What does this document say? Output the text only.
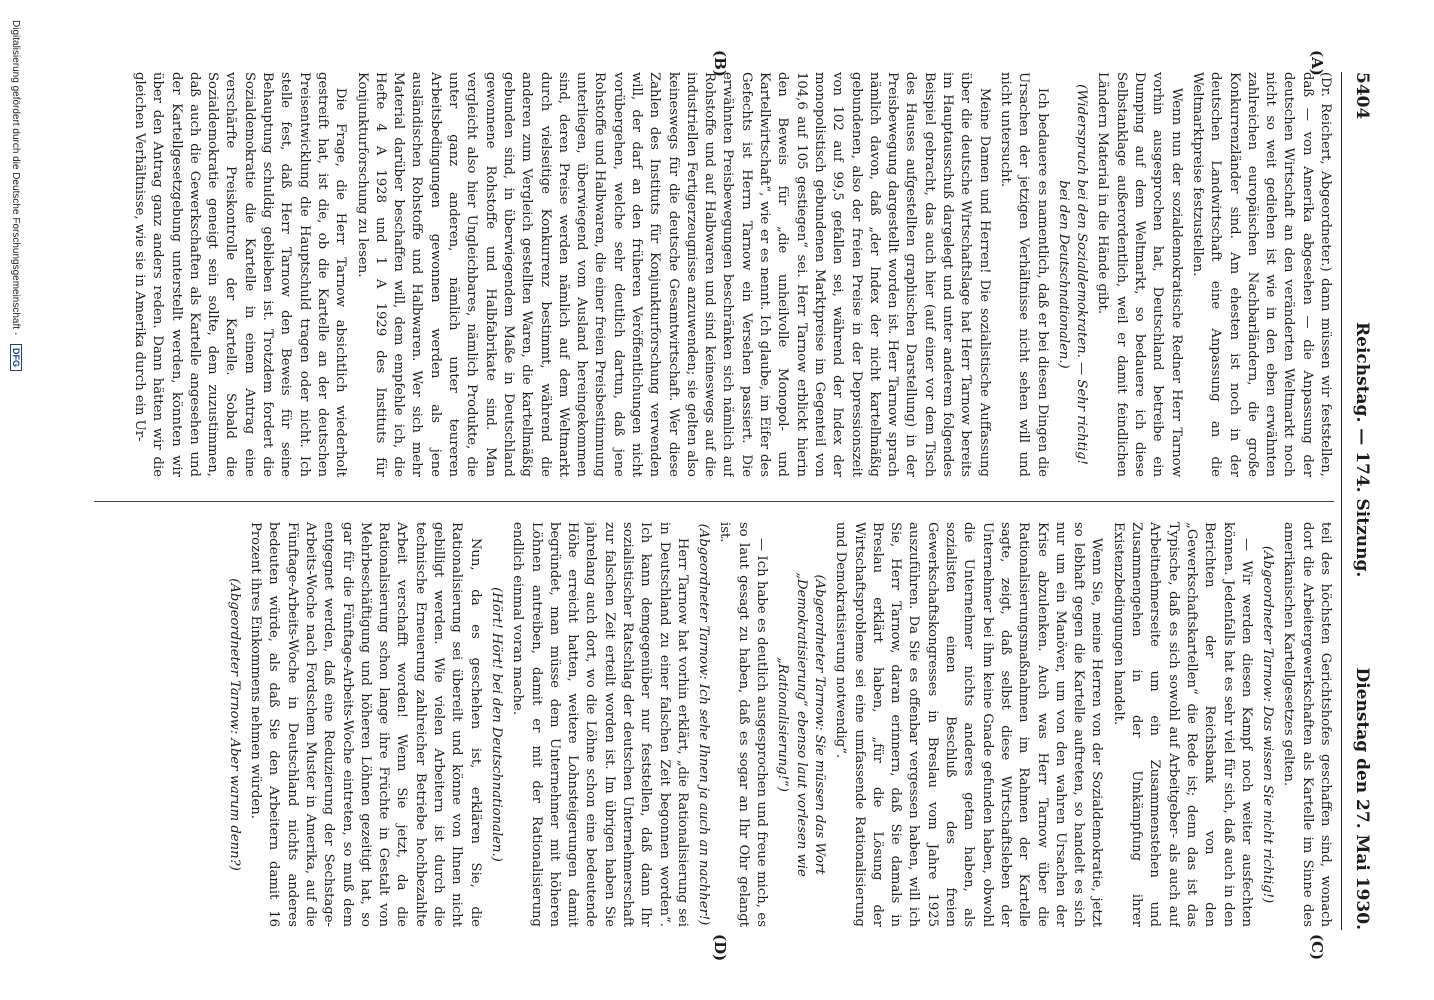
5404
Reichstag. — 174. Sitzung.
Dienstag den 27. Mai 1930.
(A)
(B)
(C)
(D)

(Dr. Reichert, Abgeordneter.) dann müssen wir feststellen, daß — von Amerika abgesehen — die Anpassung der deutschen Wirtschaft an den veränderten Weltmarkt noch nicht so weit gediehen ist wie in den eben erwähnten zahlreichen europäischen Nachbarländern, die große Konkurrenzländer sind. Am ehesten ist noch in der deutschen Landwirtschaft eine Anpassung an die Weltmarktpreise festzustellen.

Wenn nun der sozialdemokratische Redner Herr Tarnow vorhin ausgesprochen hat, Deutschland betreibe ein Dumping auf dem Weltmarkt, so bedauere ich diese Selbstanklage außerordentlich, weil er damit feindlichen Ländern Material in die Hände gibt.

(Widerspruch bei den Sozialdemokraten. — Sehr richtig! bei den Deutschnationalen.)

Ich bedauere es namentlich, daß er bei diesen Dingen die Ursachen der jetzigen Verhältnisse nicht sehen will und nicht untersucht.

Meine Damen und Herren! Die sozialistische Auffassung über die deutsche Wirtschaftslage hat Herr Tarnow bereits im Hauptausschuß dargelegt und unter anderem folgendes Beispiel gebracht, das auch hier (auf einer vor dem Tisch des Hauses aufgestellten graphischen Darstellung) in der Preisbewegung dargestellt worden ist. Herr Tarnow sprach nämlich davon, daß „der Index der nicht kartellmäßig gebundenen, also der freien Preise in der Depressionszeit von 102 auf 99,5 gefallen sei, während der Index der monopolistisch gebundenen Marktpreise im Gegenteil von 104,6 auf 105 gestiegen“ sei. Herr Tarnow erblickt hierin den Beweis für „die unheilvolle Monopol- und Kartellwirtschaft“, wie er es nennt. Ich glaube, im Eifer des Gefechts ist Herrn Tarnow ein Versehen passiert. Die erwähnten Preisbewegungen beschränken sich nämlich auf Rohstoffe und auf Halbwaren und sind keineswegs auf die industriellen Fertigerzeugnisse anzuwenden; sie gelten also keineswegs für die deutsche Gesamtwirtschaft. Wer diese Zahlen des Instituts für Konjunkturforschung verwenden will, der darf an den früheren Veröffentlichungen nicht vorübergehen, welche sehr deutlich dartun, daß jene Rohstoffe und Halbwaren, die einer freien Preisbestimmung unterliegen, überwiegend vom Ausland hereingekommen sind, deren Preise werden nämlich auf dem Weltmarkt durch vielseitige Konkurrenz bestimmt, während die anderen zum Vergleich gestellten Waren, die kartellmäßig gebunden sind, in überwiegendem Maße in Deutschland gewonnene Rohstoffe und Halbfabrikate sind. Man vergleicht also hier Ungleichbares, nämlich Produkte, die unter ganz anderen, nämlich unter teureren Arbeitsbedingungen gewonnen werden als jene ausländischen Rohstoffe und Halbwaren. Wer sich mehr Material darüber beschaffen will, dem empfehle ich, die Hefte 4 A 1928 und 1 A 1929 des Instituts für Konjunkturforschung zu lesen.

Die Frage, die Herr Tarnow absichtlich wiederholt gestreift hat, ist die, ob die Kartelle an der deutschen Preisentwicklung die Hauptschuld tragen oder nicht. Ich stelle fest, daß Herr Tarnow den Beweis für seine Behauptung schuldig geblieben ist. Trotzdem fordert die Sozialdemokratie die Kartelle in einem Antrag eine verschärfte Preiskontrolle der Kartelle. Sobald die Sozialdemokratie geneigt sein sollte, dem zuzustimmen, daß auch die Gewerkschaften als Kartelle angesehen und der Kartellgesetzgebung unterstellt werden, könnten wir über den Antrag ganz anders reden. Dann hätten wir die gleichen Verhältnisse, wie sie in Amerika durch ein Ur-

teil des höchsten Gerichtshofes geschaffen sind, wonach dort die Arbeitergewerkschaften als Kartelle im Sinne des amerikanischen Kartellgesetzes gelten.

(Abgeordneter Tarnow: Das wissen Sie nicht richtig!)

— Wir werden diesen Kampf noch weiter ausfechten können. Jedenfalls hat es sehr viel für sich, daß auch in den Berichten der Reichsbank von den „Gewerkschaftskartellen“ die Rede ist; denn das ist das Typische, daß es sich sowohl auf Arbeitgeber- als auch auf Arbeitnehmerseite um ein Zusammenstehen und Zusammengehen in der Umkämpfung ihrer Existenzbedingungen handelt.

Wenn Sie, meine Herren von der Sozialdemokratie, jetzt so lebhaft gegen die Kartelle auftreten, so handelt es sich nur um ein Manöver, um von den wahren Ursachen der Krise abzulenken. Auch was Herr Tarnow über die Rationalisierungsmaßnahmen im Rahmen der Kartelle sagte, zeigt, daß selbst diese Wirtschaftsleben der Unternehmer bei ihm keine Gnade gefunden haben, obwohl die Unternehmer nichts anderes getan haben, als sozialisten einen Beschluß des freien Gewerkschaftskongresses in Breslau vom Jahre 1925 auszuführen. Da Sie es offenbar vergessen haben, will ich Sie, Herr Tarnow, daran erinnern, daß Sie damals in Breslau erklärt haben, „für die Lösung der Wirtschaftsprobleme sei eine umfassende Rationalisierung und Demokratisierung notwendig“.

(Abgeordneter Tarnow: Sie müssen das Wort „Demokratisierung“ ebenso laut vorlesen wie „Rationalisierung!“)

— Ich habe es deutlich ausgesprochen und freue mich, es so laut gesagt zu haben, daß es sogar an Ihr Ohr gelangt ist.

(Abgeordneter Tarnow: Ich sehe Ihnen ja auch an nachher!)

Herr Tarnow hat vorhin erklärt, „die Rationalisierung sei in Deutschland zu einer falschen Zeit begonnen worden“. Ich kann demgegenüber nur feststellen, daß dann Ihr sozialistischer Ratschlag der deutschen Unternehmerschaft zur falschen Zeit erteilt worden ist. Im übrigen haben Sie jahrelang auch dort, wo die Löhne schon eine bedeutende Höhe erreicht hatten, weitere Lohnsteigerungen damit begründet, man müsse dem Unternehmer mit höheren Löhnen antreiben, damit er mit der Rationalisierung endlich einmal voran mache.

(Hört! Hört! bei den Deutschnationalen.)

Nun, da es geschehen ist, erklären Sie, die Rationalisierung sei übereilt und könne von Ihnen nicht gebilligt werden. Wie vielen Arbeitern ist durch die technische Erneuerung zahlreicher Betriebe hochbezahlte Arbeit verschafft worden! Wenn Sie jetzt, da die Rationalisierung schon lange ihre Früchte in Gestalt von Mehrbeschäftigung und höheren Löhnen gezeitigt hat, so gar für die Fünftage-Arbeits-Woche eintreten, so muß dem entgegnet werden, daß eine Reduzierung der Sechstage-Arbeits-Woche nach Fordschem Muster in Amerika, auf die Fünftage-Arbeits-Woche in Deutschland nichts anderes bedeuten würde, als daß Sie den Arbeitern damit 16 Prozent ihres Einkommens nehmen würden.

(Abgeordneter Tarnow: Aber warum denn?)

Digitalisierung gefördert durch die Deutsche Forschungsgemeinschaft - DFG
